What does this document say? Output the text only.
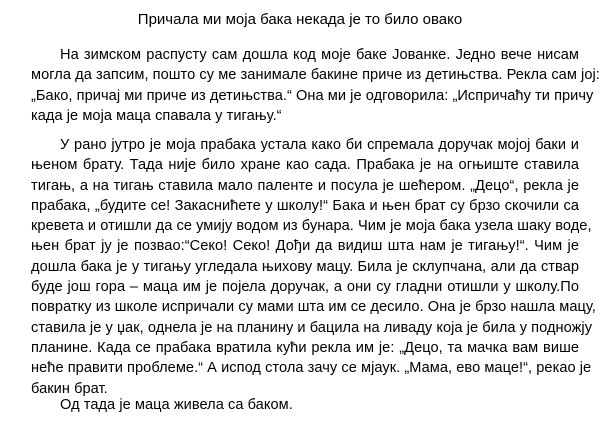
Причала ми моја бака некада је то било овако
На зимском распусту сам дошла код моје баке Јованке. Једно вече нисам
могла да запсим, пошто су ме занимале бакине приче из детињства. Рекла сам јој:
„Бако, причај ми приче из детињства.“ Она ми је одговорила: „Испричаћу ти причу
када је моја маца спавала у тигању.“
У рано јутро је моја прабака устала како би спремала доручак мојој баки и
њеном брату. Тада није било хране као сада. Прабака је на огњиште ставила
тигањ, а на тигањ ставила мало паленте и посула је шећером. „Децо“, рекла је
прабака, „будите се! Закаснићете у школу!“ Бака и њен брат су брзо скочили са
кревета и отишли да се умију водом из бунара. Чим је моја бака узела шаку воде,
њен брат ју је позвао:“Секо! Секо! Дођи да видиш шта нам је тигању!“. Чим је
дошла бака је у тигању угледала њихову мацу. Била је склупчана, али да ствар
буде још гора – маца им је појела доручак, а они су гладни отишли у школу.По
повратку из школе испричали су мами шта им се десило. Она је брзо нашла мацу,
ставила је у џак, однела је на планину и бацила на ливаду која је била у подножју
планине. Када се прабака вратила кући рекла им је: „Децо, та мачка вам више
неће правити проблеме.“ А испод стола зачу се мјаук. „Мама, ево маце!“, рекао је
бакин брат.
Од тада је маца живела са баком.
